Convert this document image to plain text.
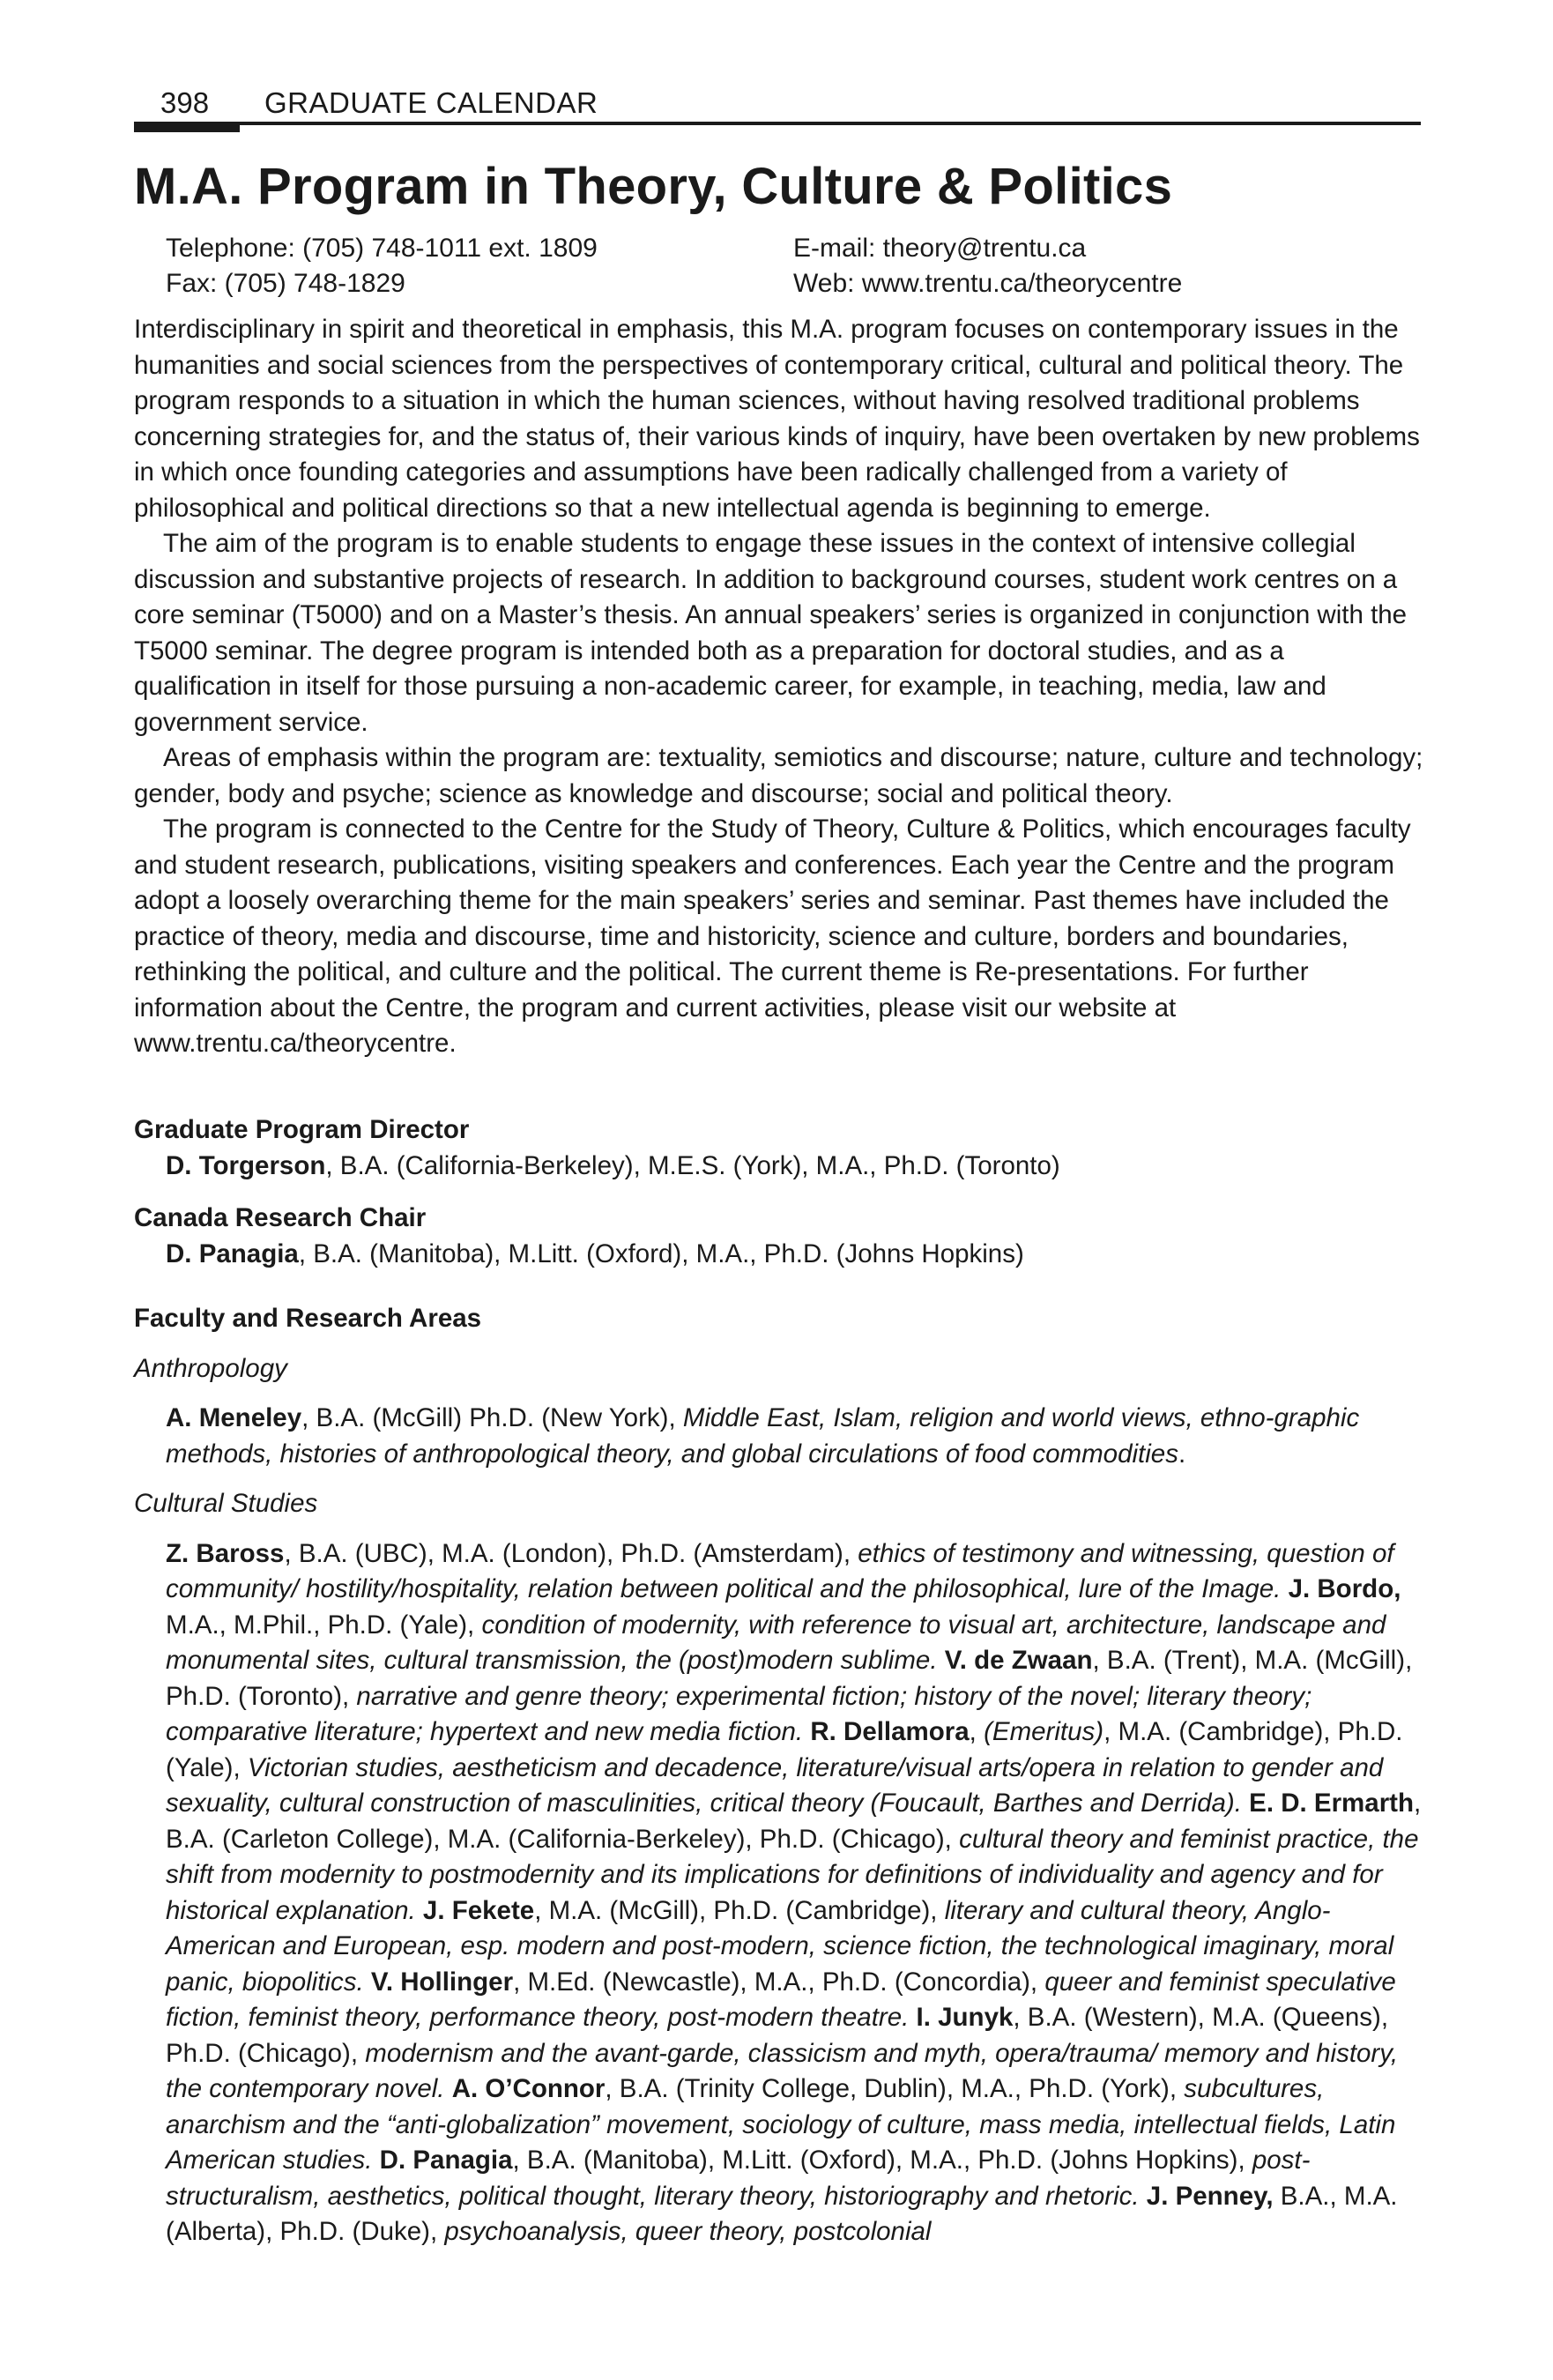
398 GRADUATE CALENDAR
M.A. Program in Theory, Culture & Politics
Telephone: (705) 748-1011 ext. 1809	E-mail: theory@trentu.ca
Fax: (705) 748-1829	Web: www.trentu.ca/theorycentre

Interdisciplinary in spirit and theoretical in emphasis, this M.A. program focuses on contemporary issues in the humanities and social sciences from the perspectives of contemporary critical, cultural and political theory. The program responds to a situation in which the human sciences, without having resolved traditional problems concerning strategies for, and the status of, their various kinds of inquiry, have been overtaken by new problems in which once founding categories and assumptions have been radically challenged from a variety of philosophical and political directions so that a new intellectual agenda is beginning to emerge.

The aim of the program is to enable students to engage these issues in the context of intensive collegial discussion and substantive projects of research. In addition to background courses, student work centres on a core seminar (T5000) and on a Master’s thesis. An annual speakers’ series is organized in conjunction with the T5000 seminar. The degree program is intended both as a preparation for doctoral studies, and as a qualification in itself for those pursuing a non-academic career, for example, in teaching, media, law and government service.

Areas of emphasis within the program are: textuality, semiotics and discourse; nature, culture and technology; gender, body and psyche; science as knowledge and discourse; social and political theory.

The program is connected to the Centre for the Study of Theory, Culture & Politics, which encourages faculty and student research, publications, visiting speakers and conferences. Each year the Centre and the program adopt a loosely overarching theme for the main speakers’ series and seminar. Past themes have included the practice of theory, media and discourse, time and historicity, science and culture, borders and boundaries, rethinking the political, and culture and the political. The current theme is Re-presentations. For further information about the Centre, the program and current activities, please visit our website at www.trentu.ca/theorycentre.

Graduate Program Director

D. Torgerson, B.A. (California-Berkeley), M.E.S. (York), M.A., Ph.D. (Toronto)

Canada Research Chair

D. Panagia, B.A. (Manitoba), M.Litt. (Oxford), M.A., Ph.D. (Johns Hopkins)

Faculty and Research Areas

Anthropology

A. Meneley, B.A. (McGill) Ph.D. (New York), Middle East, Islam, religion and world views, ethno-graphic methods, histories of anthropological theory, and global circulations of food commodities.

Cultural Studies

Z. Baross, B.A. (UBC), M.A. (London), Ph.D. (Amsterdam), ethics of testimony and witnessing, question of community/ hostility/hospitality, relation between political and the philosophical, lure of the Image. J. Bordo, M.A., M.Phil., Ph.D. (Yale), condition of modernity, with reference to visual art, architecture, landscape and monumental sites, cultural transmission, the (post)modern sublime. V. de Zwaan, B.A. (Trent), M.A. (McGill), Ph.D. (Toronto), narrative and genre theory; experimental fiction; history of the novel; literary theory; comparative literature; hypertext and new media fiction. R. Dellamora, (Emeritus), M.A. (Cambridge), Ph.D. (Yale), Victorian studies, aestheticism and decadence, literature/visual arts/opera in relation to gender and sexuality, cultural construction of masculinities, critical theory (Foucault, Barthes and Derrida). E. D. Ermarth, B.A. (Carleton College), M.A. (California-Berkeley), Ph.D. (Chicago), cultural theory and feminist practice, the shift from modernity to postmodernity and its implications for definitions of individuality and agency and for historical explanation. J. Fekete, M.A. (McGill), Ph.D. (Cambridge), literary and cultural theory, Anglo-American and European, esp. modern and post-modern, science fiction, the technological imaginary, moral panic, biopolitics. V. Hollinger, M.Ed. (Newcastle), M.A., Ph.D. (Concordia), queer and feminist speculative fiction, feminist theory, performance theory, post-modern theatre. I. Junyk, B.A. (Western), M.A. (Queens), Ph.D. (Chicago), modernism and the avant-garde, classicism and myth, opera/trauma/ memory and history, the contemporary novel. A. O’Connor, B.A. (Trinity College, Dublin), M.A., Ph.D. (York), subcultures, anarchism and the “anti-globalization” movement, sociology of culture, mass media, intellectual fields, Latin American studies. D. Panagia, B.A. (Manitoba), M.Litt. (Oxford), M.A., Ph.D. (Johns Hopkins), post-structuralism, aesthetics, political thought, literary theory, historiography and rhetoric. J. Penney, B.A., M.A. (Alberta), Ph.D. (Duke), psychoanalysis, queer theory, postcolonial
